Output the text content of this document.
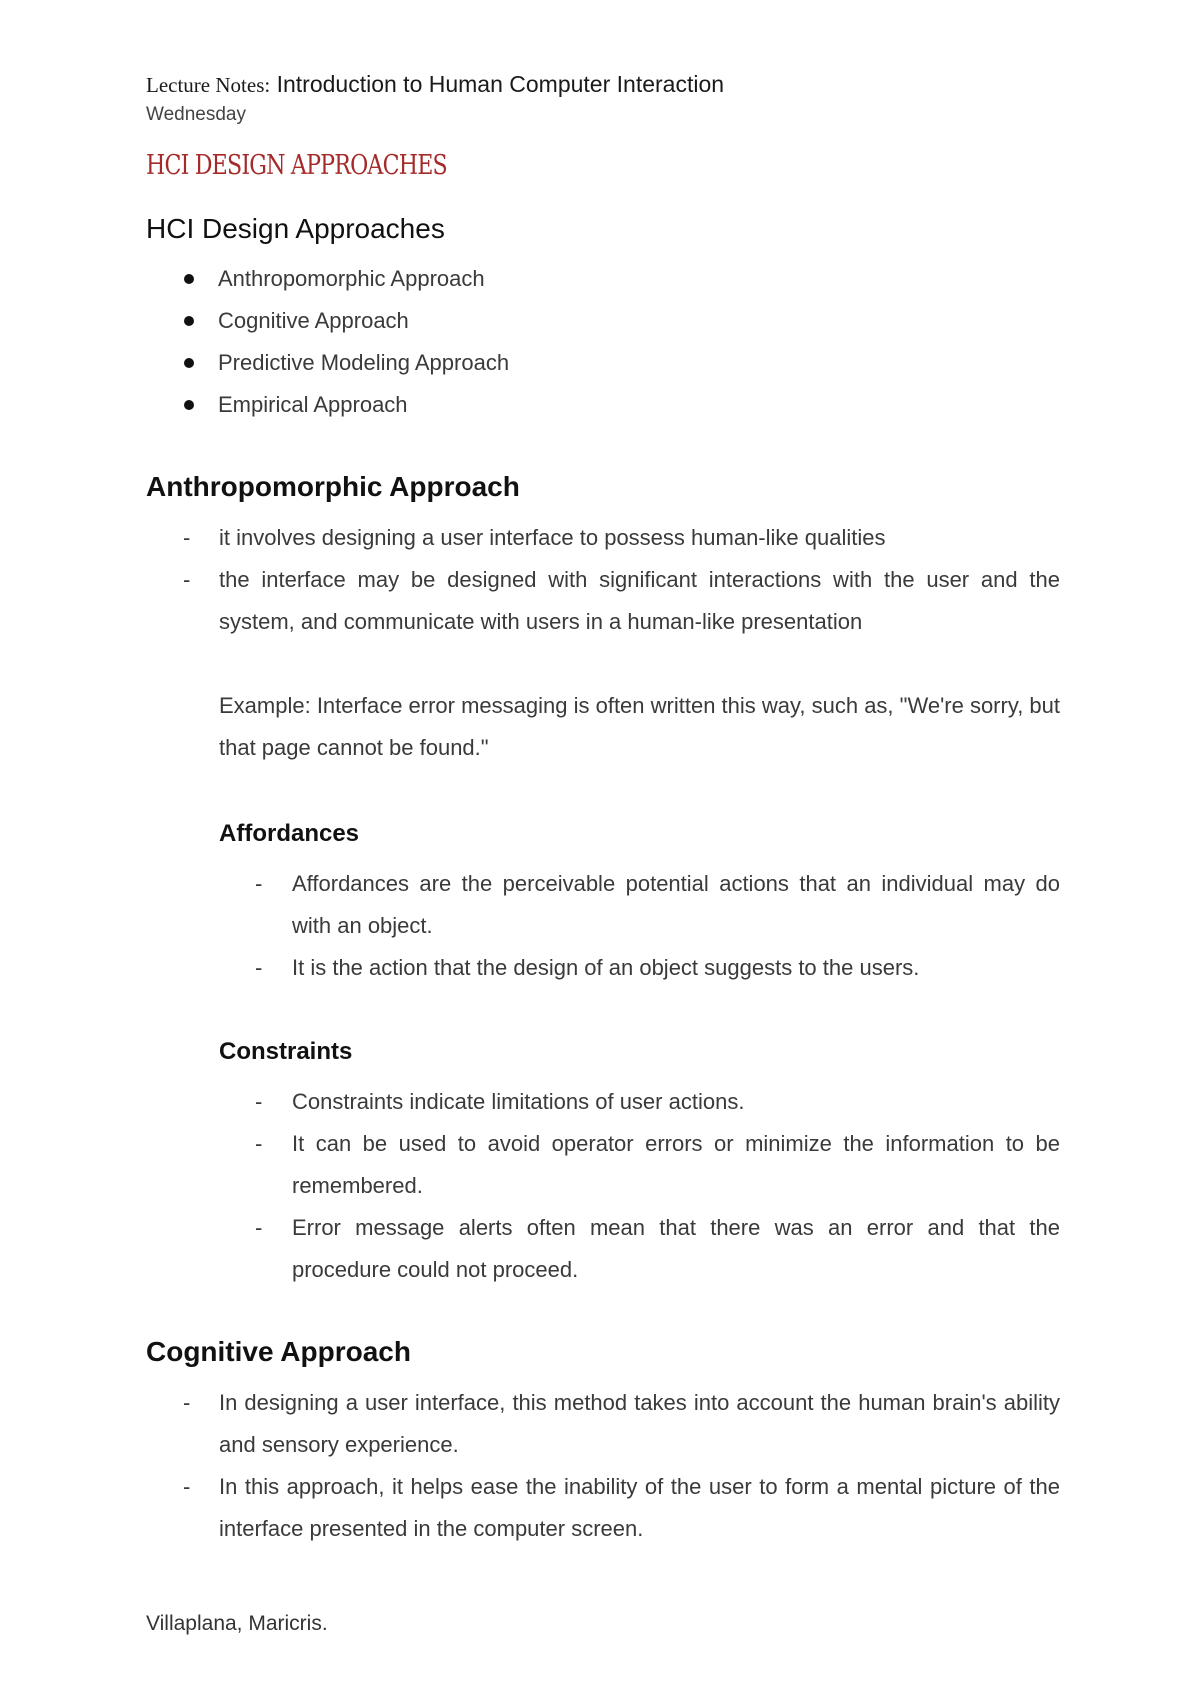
Lecture Notes: Introduction to Human Computer Interaction
Wednesday
HCI DESIGN APPROACHES
HCI Design Approaches
Anthropomorphic Approach
Cognitive Approach
Predictive Modeling Approach
Empirical Approach
Anthropomorphic Approach
-	it involves designing a user interface to possess human-like qualities
-	the interface may be designed with significant interactions with the user and the system, and communicate with users in a human-like presentation

Example: Interface error messaging is often written this way, such as, "We're sorry, but that page cannot be found."

Affordances
-	Affordances are the perceivable potential actions that an individual may do with an object.
-	It is the action that the design of an object suggests to the users.
Constraints
-	Constraints indicate limitations of user actions.
-	It can be used to avoid operator errors or minimize the information to be remembered.
-	Error message alerts often mean that there was an error and that the procedure could not proceed.
Cognitive Approach
-	In designing a user interface, this method takes into account the human brain's ability and sensory experience.
-	In this approach, it helps ease the inability of the user to form a mental picture of the interface presented in the computer screen.
Villaplana, Maricris.
